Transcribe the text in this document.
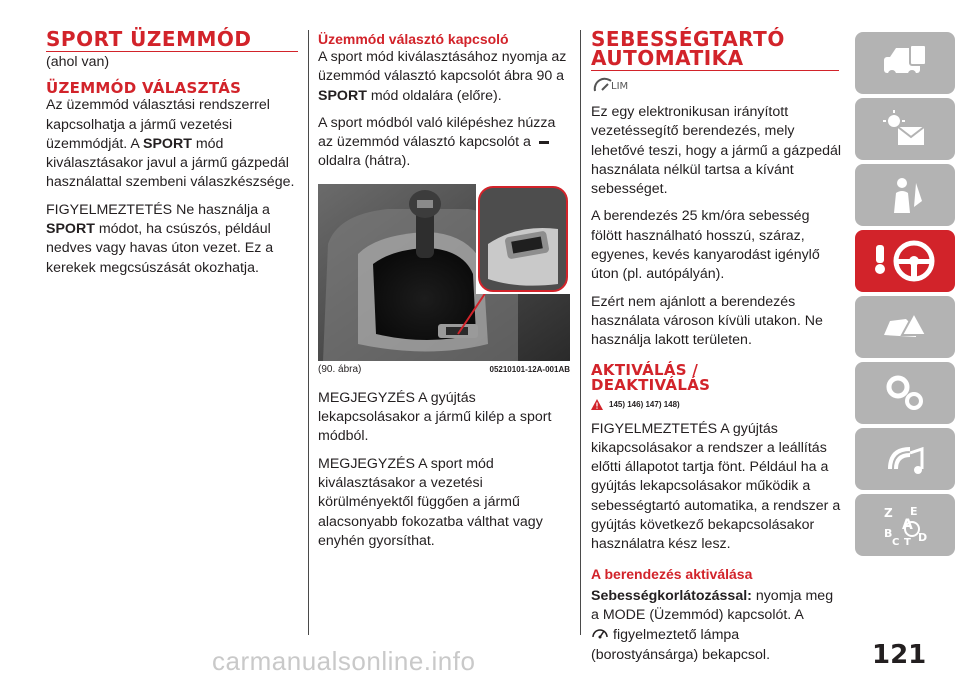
SPORT ÜZEMMÓD

(ahol van)

ÜZEMMÓD VÁLASZTÁS

Az üzemmód választási rendszerrel kapcsolhatja a jármű vezetési üzemmódját. A SPORT mód kiválasztásakor javul a jármű gázpedál használattal szembeni válaszkészsége.

FIGYELMEZTETÉS Ne használja a SPORT módot, ha csúszós, például nedves vagy havas úton vezet. Ez a kerekek megcsúszását okozhatja.

Üzemmód választó kapcsoló

A sport mód kiválasztásához nyomja az üzemmód választó kapcsolót ábra 90 a SPORT mód oldalára (előre).

A sport módból való kilépéshez húzza az üzemmód választó kapcsolót a
oldalra (hátra).

(90. ábra)	05210101-12A-001AB

MEGJEGYZÉS A gyújtás lekapcsolásakor a jármű kilép a sport módból.

MEGJEGYZÉS A sport mód kiválasztásakor a vezetési körülményektől függően a jármű alacsonyabb fokozatba válthat vagy enyhén gyorsíthat.

SEBESSÉGTARTÓ
AUTOMATIKA
LIM

Ez egy elektronikusan irányított vezetéssegítő berendezés, mely lehetővé teszi, hogy a jármű a gázpedál használata nélkül tartsa a kívánt sebességet.

A berendezés 25 km/óra sebesség fölött használható hosszú, száraz, egyenes, kevés kanyarodást igénylő úton (pl. autópályán).

Ezért nem ajánlott a berendezés használata városon kívüli utakon. Ne használja lakott területen.

AKTIVÁLÁS /
DEAKTIVÁLÁS
145) 146) 147) 148)

FIGYELMEZTETÉS A gyújtás kikapcsolásakor a rendszer a leállítás előtti állapotot tartja fönt. Például ha a gyújtás lekapcsolásakor működik a sebességtartó automatika, a rendszer a gyújtás következő bekapcsolásakor használatra kész lesz.

A berendezés aktiválása

Sebességkorlátozással: nyomja meg a MODE (Üzemmód) kapcsolót. A
figyelmeztető lámpa
(borostyánsárga) bekapcsol.

Z E
A
B
C T D
121
carmanualsonline.info
